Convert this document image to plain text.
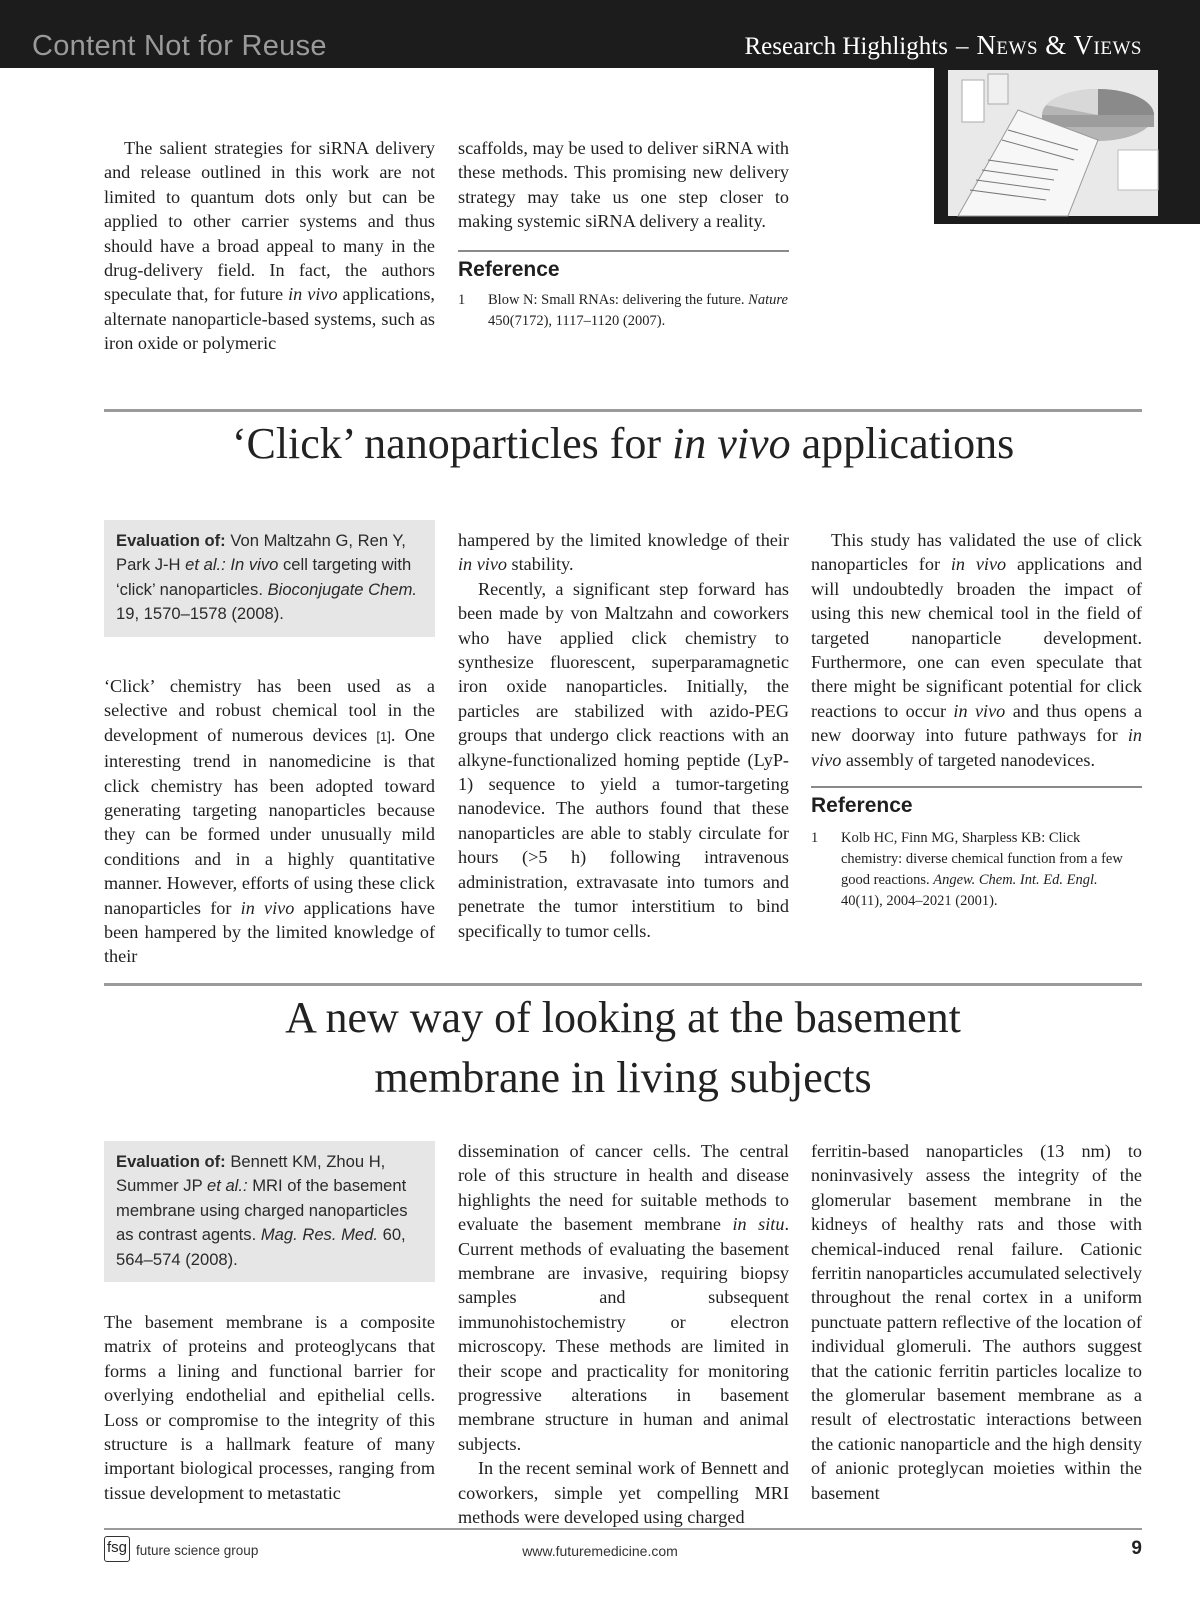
Content Not for Reuse	Research Highlights – News & Views

The salient strategies for siRNA delivery and release outlined in this work are not limited to quantum dots only but can be applied to other carrier systems and thus should have a broad appeal to many in the drug-delivery field. In fact, the authors speculate that, for future in vivo applications, alternate nanoparticle-based systems, such as iron oxide or polymeric

scaffolds, may be used to deliver siRNA with these methods. This promising new delivery strategy may take us one step closer to making systemic siRNA delivery a reality.

Reference
1 Blow N: Small RNAs: delivering the future. Nature 450(7172), 1117–1120 (2007).
‘Click’ nanoparticles for in vivo applications
Evaluation of: Von Maltzahn G, Ren Y, Park J-H et al.: In vivo cell targeting with ‘click’ nanoparticles. Bioconjugate Chem. 19, 1570–1578 (2008).

‘Click’ chemistry has been used as a selective and robust chemical tool in the development of numerous devices [1]. One interesting trend in nanomedicine is that click chemistry has been adopted toward generating targeting nanoparticles because they can be formed under unusually mild conditions and in a highly quantitative manner. However, efforts of using these click nanoparticles for in vivo applications have been hampered by the limited knowledge of their

hampered by the limited knowledge of their in vivo stability.

Recently, a significant step forward has been made by von Maltzahn and coworkers who have applied click chemistry to synthesize fluorescent, superparamagnetic iron oxide nanoparticles. Initially, the particles are stabilized with azido-PEG groups that undergo click reactions with an alkyne-functionalized homing peptide (LyP-1) sequence to yield a tumor-targeting nanodevice. The authors found that these nanoparticles are able to stably circulate for hours (>5 h) following intravenous administration, extravasate into tumors and penetrate the tumor interstitium to bind specifically to tumor cells.

This study has validated the use of click nanoparticles for in vivo applications and will undoubtedly broaden the impact of using this new chemical tool in the field of targeted nanoparticle development. Furthermore, one can even speculate that there might be significant potential for click reactions to occur in vivo and thus opens a new doorway into future pathways for in vivo assembly of targeted nanodevices.

Reference
1 Kolb HC, Finn MG, Sharpless KB: Click chemistry: diverse chemical function from a few good reactions. Angew. Chem. Int. Ed. Engl. 40(11), 2004–2021 (2001).
A new way of looking at the basement membrane in living subjects
Evaluation of: Bennett KM, Zhou H, Summer JP et al.: MRI of the basement membrane using charged nanoparticles as contrast agents. Mag. Res. Med. 60, 564–574 (2008).

The basement membrane is a composite matrix of proteins and proteoglycans that forms a lining and functional barrier for overlying endothelial and epithelial cells. Loss or compromise to the integrity of this structure is a hallmark feature of many important biological processes, ranging from tissue development to metastatic

dissemination of cancer cells. The central role of this structure in health and disease highlights the need for suitable methods to evaluate the basement membrane in situ. Current methods of evaluating the basement membrane are invasive, requiring biopsy samples and subsequent immunohistochemistry or electron microscopy. These methods are limited in their scope and practicality for monitoring progressive alterations in basement membrane structure in human and animal subjects.

In the recent seminal work of Bennett and coworkers, simple yet compelling MRI methods were developed using charged

ferritin-based nanoparticles (13 nm) to noninvasively assess the integrity of the glomerular basement membrane in the kidneys of healthy rats and those with chemical-induced renal failure. Cationic ferritin nanoparticles accumulated selectively throughout the renal cortex in a uniform punctuate pattern reflective of the location of individual glomeruli. The authors suggest that the cationic ferritin particles localize to the glomerular basement membrane as a result of electrostatic interactions between the cationic nanoparticle and the high density of anionic proteglycan moieties within the basement

fsg future science group	www.futuremedicine.com	9
